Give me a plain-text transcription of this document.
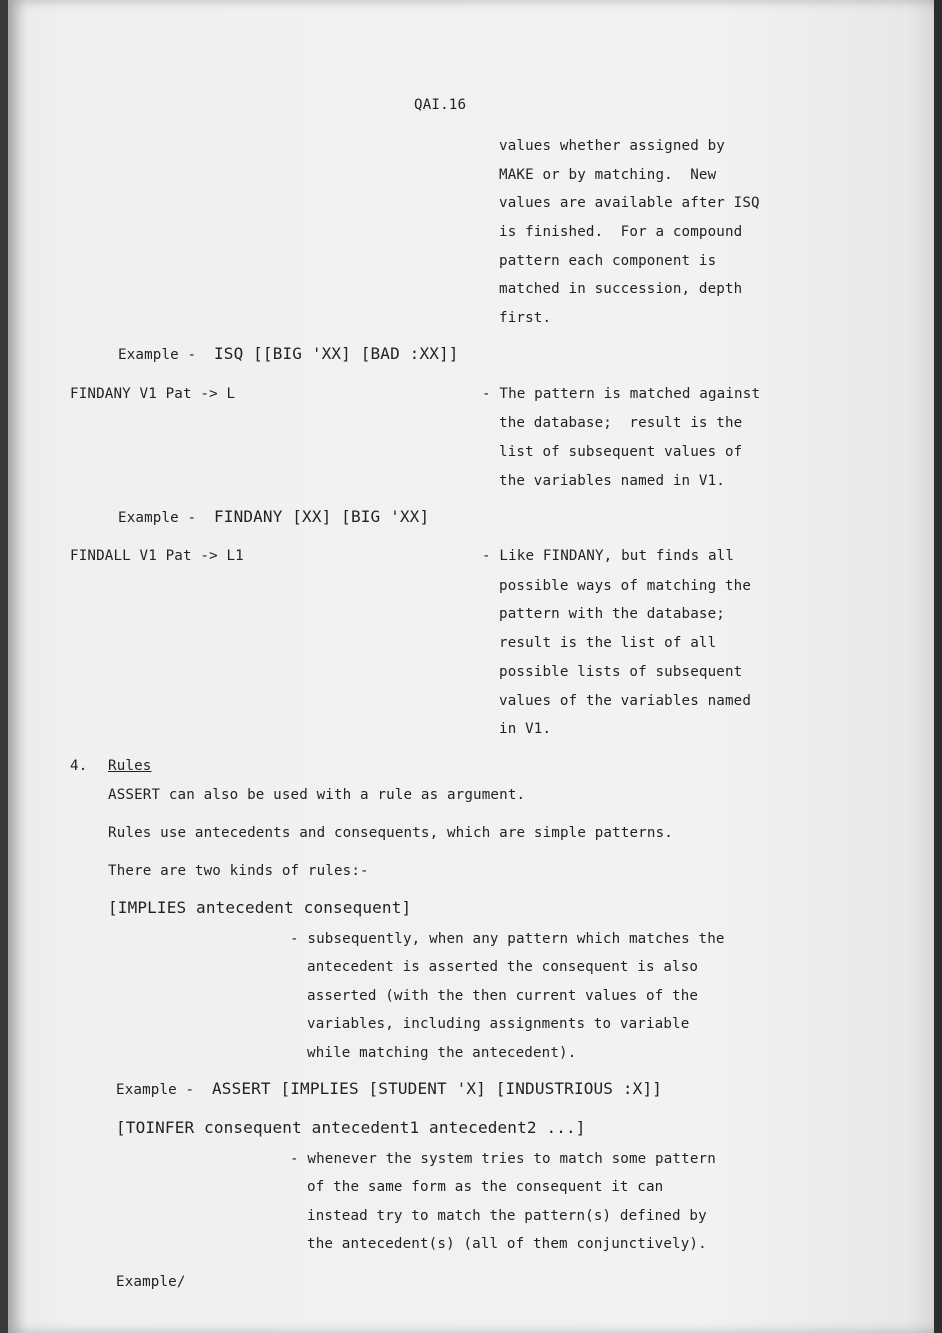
QAI.16
values whether assigned by
MAKE or by matching.  New
values are available after ISQ
is finished.  For a compound
pattern each component is
matched in succession, depth
first.
Example - ISQ [[BIG 'XX] [BAD :XX]]
FINDANY V1 Pat -> L	- The pattern is matched against
the database;  result is the
list of subsequent values of
the variables named in V1.
Example - FINDANY [XX] [BIG 'XX]
FINDALL V1 Pat -> L1	- Like FINDANY, but finds all
possible ways of matching the
pattern with the database;
result is the list of all
possible lists of subsequent
values of the variables named
in V1.
4. Rules
ASSERT can also be used with a rule as argument.
Rules use antecedents and consequents, which are simple patterns.
There are two kinds of rules:-
[IMPLIES antecedent consequent]
- subsequently, when any pattern which matches the
antecedent is asserted the consequent is also
asserted (with the then current values of the
variables, including assignments to variable
while matching the antecedent).
Example - ASSERT [IMPLIES [STUDENT 'X] [INDUSTRIOUS :X]]
[TOINFER consequent antecedent1 antecedent2 ...]
- whenever the system tries to match some pattern
of the same form as the consequent it can
instead try to match the pattern(s) defined by
the antecedent(s) (all of them conjunctively).
Example/
